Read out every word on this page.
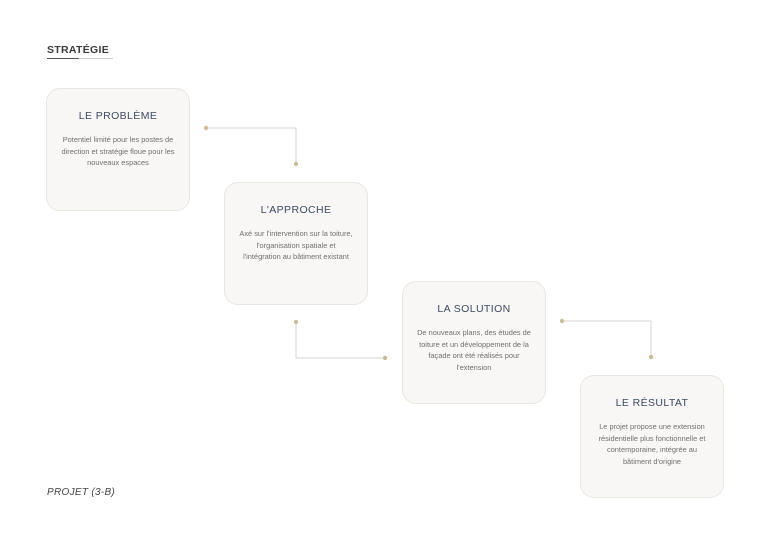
STRATÉGIE
LE PROBLÈME
Potentiel limité pour les postes de direction et stratégie floue pour les nouveaux espaces
L'APPROCHE
Axé sur l'intervention sur la toiture, l'organisation spatiale et l'intégration au bâtiment existant
LA SOLUTION
De nouveaux plans, des études de toiture et un développement de la façade ont été réalisés pour l'extension
LE RÉSULTAT
Le projet propose une extension résidentielle plus fonctionnelle et contemporaine, intégrée au bâtiment d'origine
PROJET (3-B)
